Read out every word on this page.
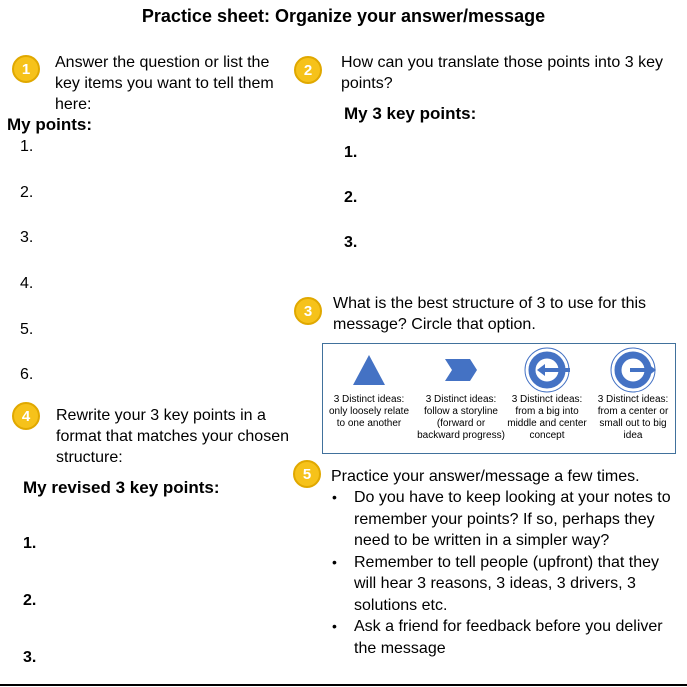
Practice sheet: Organize your answer/message
1	Answer the question or list the key items you want to tell them here:
My points:
1.
2.
3.
4.
5.
6.
2	How can you translate those points into 3 key points?
My 3 key points:
1.
2.
3.
3	What is the best structure of 3 to use for this message? Circle that option.
3 Distinct ideas: only loosely relate to one another
3 Distinct ideas: follow a storyline (forward or backward progress)
3 Distinct ideas: from a big into middle and center concept
3 Distinct ideas: from a center or small out to big idea
4	Rewrite your 3 key points in a format that matches your chosen structure:
My revised 3 key points:
1.
2.
3.
5	Practice your answer/message a few times.
• Do you have to keep looking at your notes to remember your points? If so, perhaps they need to be written in a simpler way?
• Remember to tell people (upfront) that they will hear 3 reasons, 3 ideas, 3 drivers, 3 solutions etc.
• Ask a friend for feedback before you deliver the message
